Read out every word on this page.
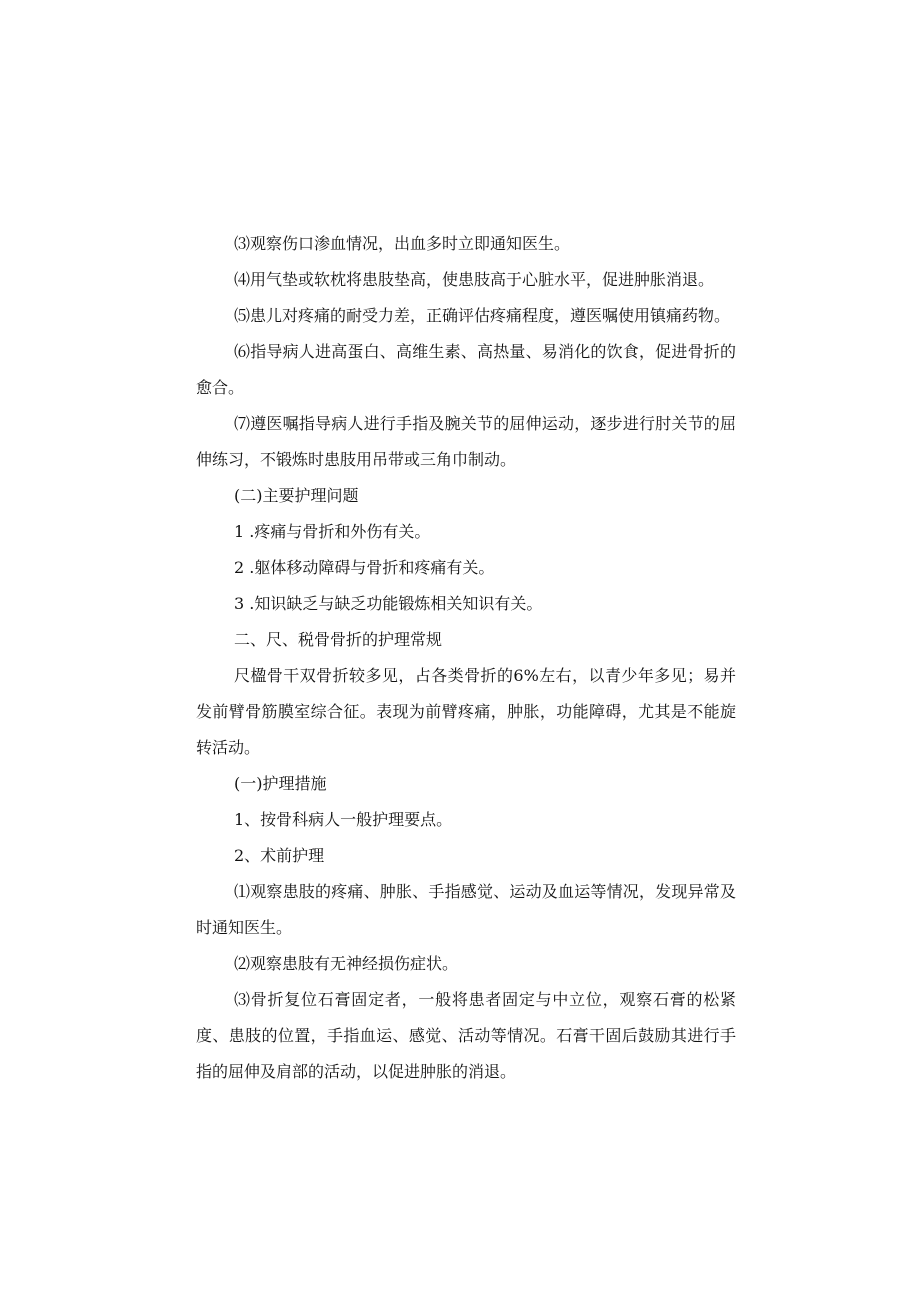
⑶观察伤口渗血情况，出血多时立即通知医生。

⑷用气垫或软枕将患肢垫高，使患肢高于心脏水平，促进肿胀消退。

⑸患儿对疼痛的耐受力差，正确评估疼痛程度，遵医嘱使用镇痛药物。

⑹指导病人进高蛋白、高维生素、高热量、易消化的饮食，促进骨折的愈合。

⑺遵医嘱指导病人进行手指及腕关节的屈伸运动，逐步进行肘关节的屈伸练习，不锻炼时患肢用吊带或三角巾制动。

(二)主要护理问题

1 .疼痛与骨折和外伤有关。

2 .躯体移动障碍与骨折和疼痛有关。

3 .知识缺乏与缺乏功能锻炼相关知识有关。

二、尺、税骨骨折的护理常规

尺楹骨干双骨折较多见，占各类骨折的6%左右，以青少年多见；易并发前臂骨筋膜室综合征。表现为前臂疼痛，肿胀，功能障碍，尤其是不能旋转活动。

(一)护理措施

1、按骨科病人一般护理要点。

2、术前护理

⑴观察患肢的疼痛、肿胀、手指感觉、运动及血运等情况，发现异常及时通知医生。

⑵观察患肢有无神经损伤症状。

⑶骨折复位石膏固定者，一般将患者固定与中立位，观察石膏的松紧度、患肢的位置，手指血运、感觉、活动等情况。石膏干固后鼓励其进行手指的屈伸及肩部的活动，以促进肿胀的消退。
